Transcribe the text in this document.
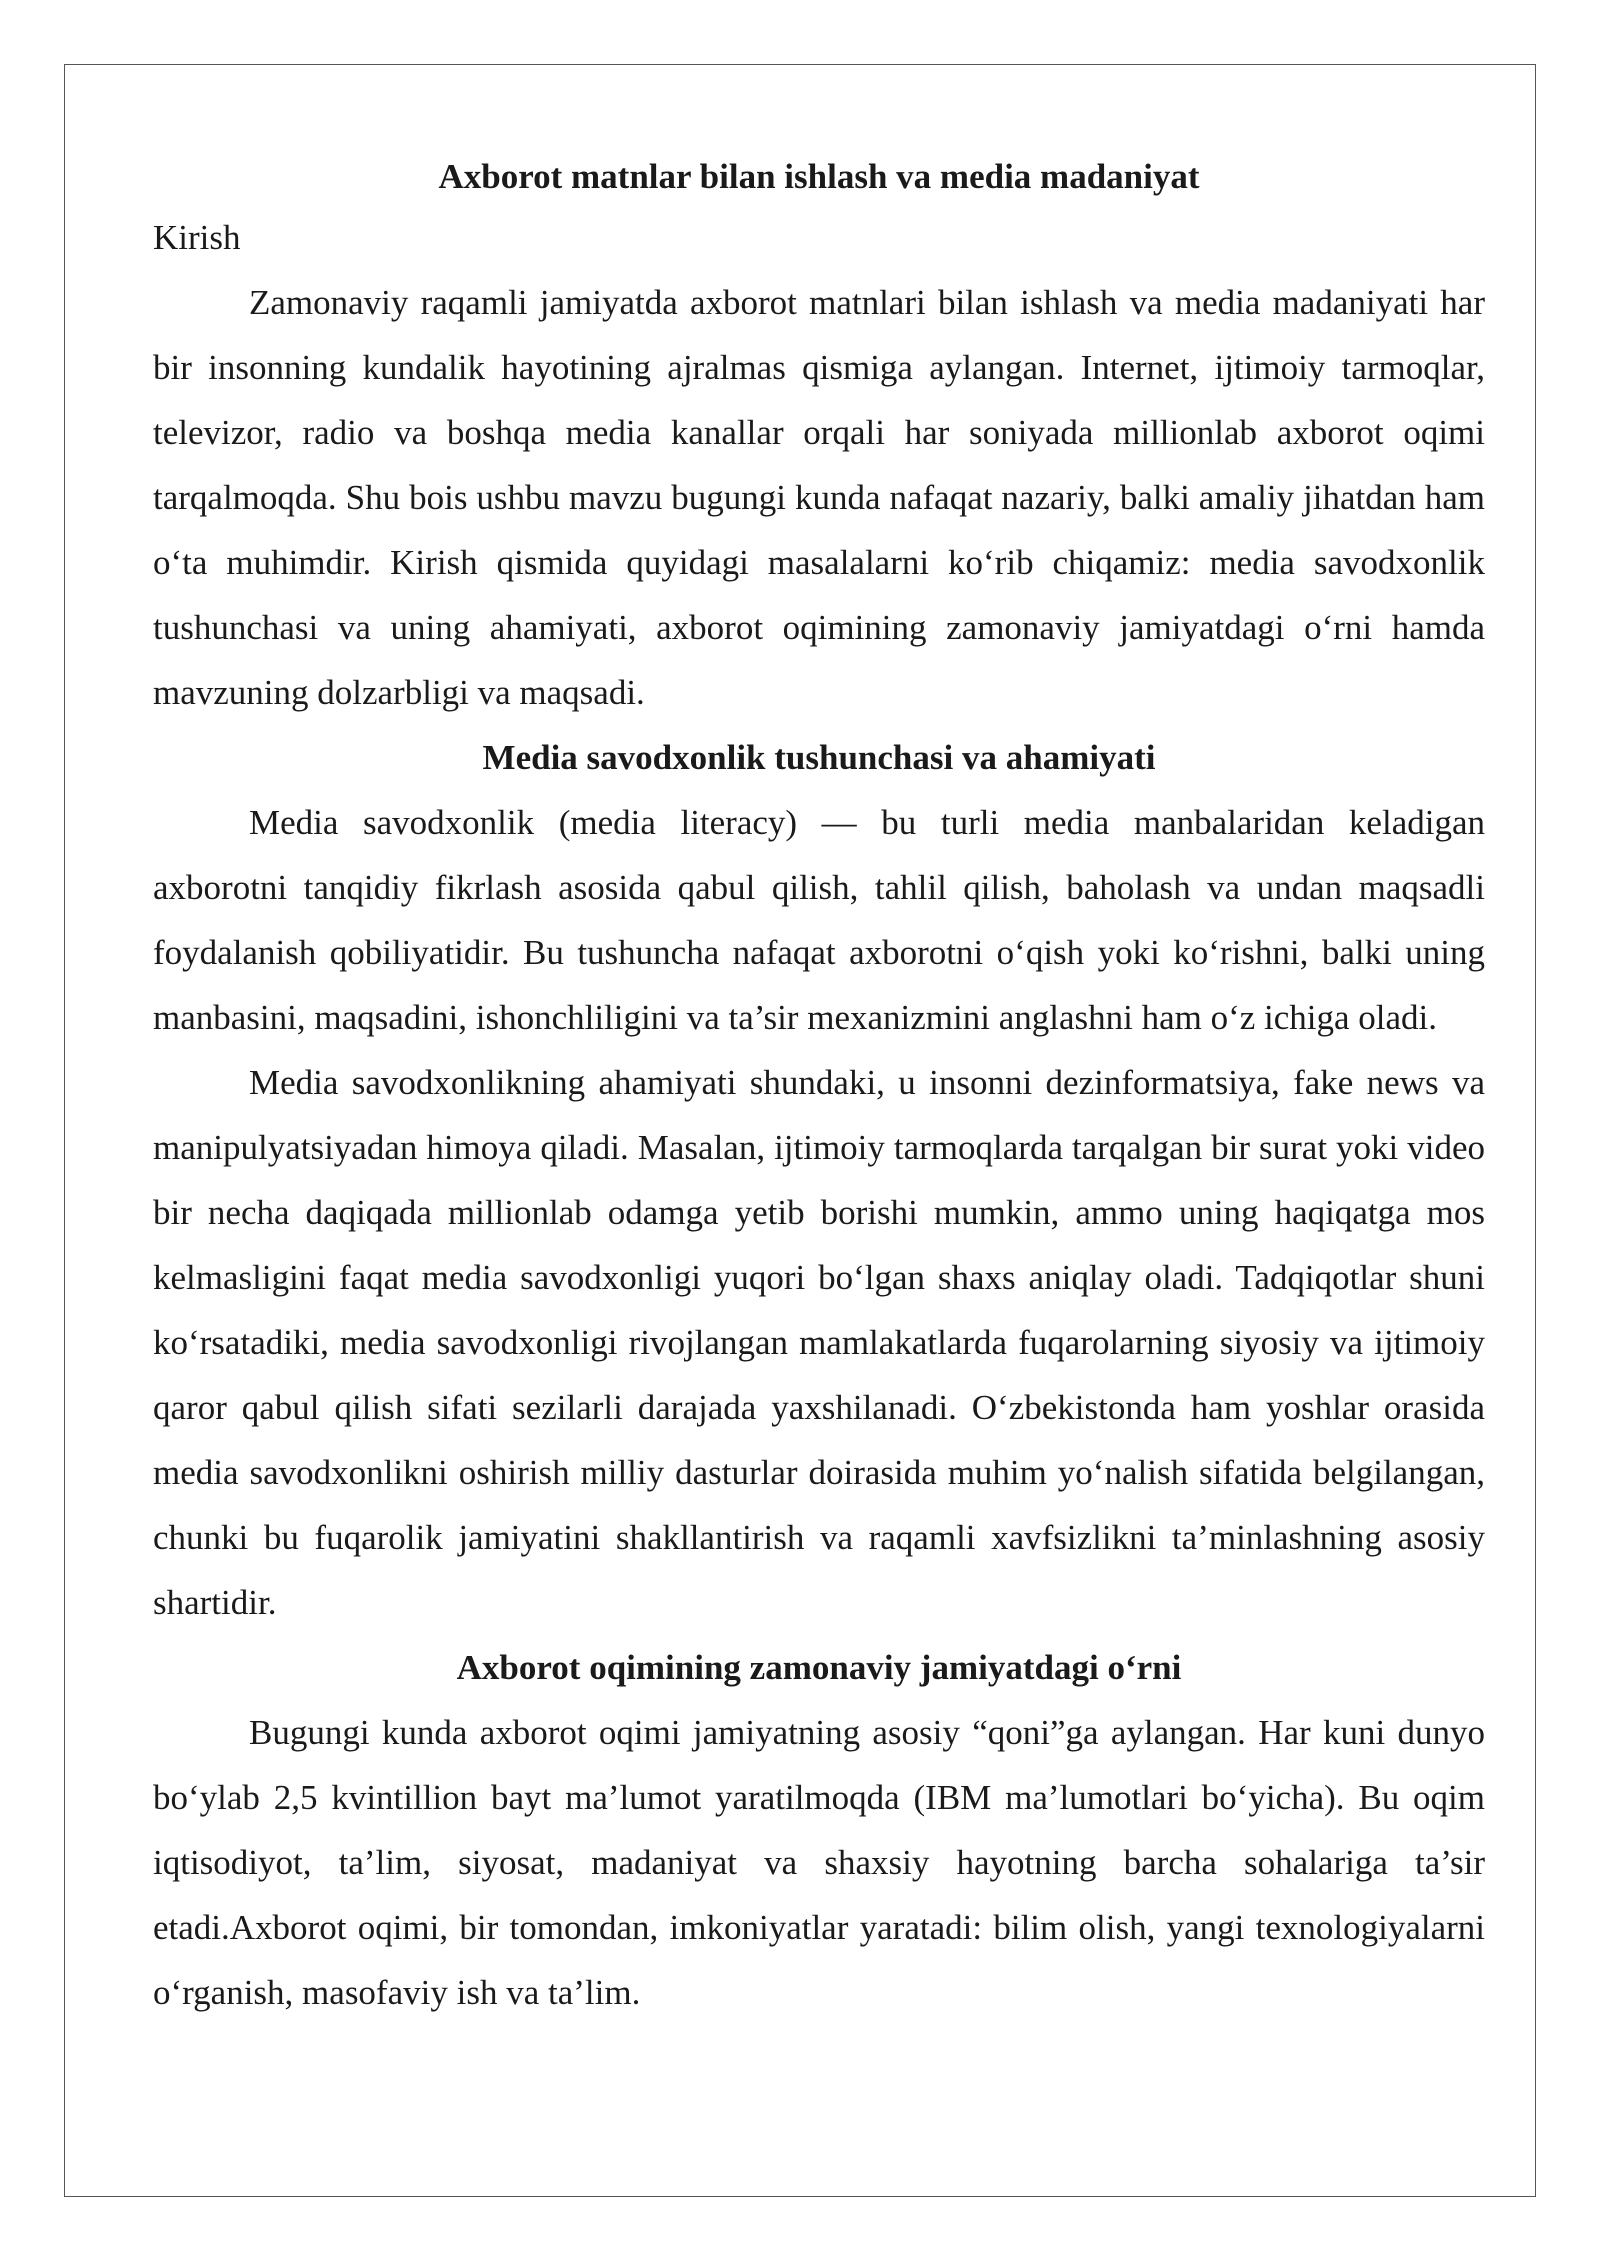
Axborot matnlar bilan ishlash va media madaniyat

Kirish

Zamonaviy raqamli jamiyatda axborot matnlari bilan ishlash va media madaniyati har bir insonning kundalik hayotining ajralmas qismiga aylangan. Internet, ijtimoiy tarmoqlar, televizor, radio va boshqa media kanallar orqali har soniyada millionlab axborot oqimi tarqalmoqda. Shu bois ushbu mavzu bugungi kunda nafaqat nazariy, balki amaliy jihatdan ham o‘ta muhimdir. Kirish qismida quyidagi masalalarni ko‘rib chiqamiz: media savodxonlik tushunchasi va uning ahamiyati, axborot oqimining zamonaviy jamiyatdagi o‘rni hamda mavzuning dolzarbligi va maqsadi.

Media savodxonlik tushunchasi va ahamiyati

Media savodxonlik (media literacy) — bu turli media manbalaridan keladigan axborotni tanqidiy fikrlash asosida qabul qilish, tahlil qilish, baholash va undan maqsadli foydalanish qobiliyatidir. Bu tushuncha nafaqat axborotni o‘qish yoki ko‘rishni, balki uning manbasini, maqsadini, ishonchliligini va ta’sir mexanizmini anglashni ham o‘z ichiga oladi.

Media savodxonlikning ahamiyati shundaki, u insonni dezinformatsiya, fake news va manipulyatsiyadan himoya qiladi. Masalan, ijtimoiy tarmoqlarda tarqalgan bir surat yoki video bir necha daqiqada millionlab odamga yetib borishi mumkin, ammo uning haqiqatga mos kelmasligini faqat media savodxonligi yuqori bo‘lgan shaxs aniqlay oladi. Tadqiqotlar shuni ko‘rsatadiki, media savodxonligi rivojlangan mamlakatlarda fuqarolarning siyosiy va ijtimoiy qaror qabul qilish sifati sezilarli darajada yaxshilanadi. O‘zbekistonda ham yoshlar orasida media savodxonlikni oshirish milliy dasturlar doirasida muhim yo‘nalish sifatida belgilangan, chunki bu fuqarolik jamiyatini shakllantirish va raqamli xavfsizlikni ta’minlashning asosiy shartidir.

Axborot oqimining zamonaviy jamiyatdagi o‘rni

Bugungi kunda axborot oqimi jamiyatning asosiy “qoni”ga aylangan. Har kuni dunyo bo‘ylab 2,5 kvintillion bayt ma’lumot yaratilmoqda (IBM ma’lumotlari bo‘yicha). Bu oqim iqtisodiyot, ta’lim, siyosat, madaniyat va shaxsiy hayotning barcha sohalariga ta’sir etadi.Axborot oqimi, bir tomondan, imkoniyatlar yaratadi: bilim olish, yangi texnologiyalarni o‘rganish, masofaviy ish va ta’lim.
